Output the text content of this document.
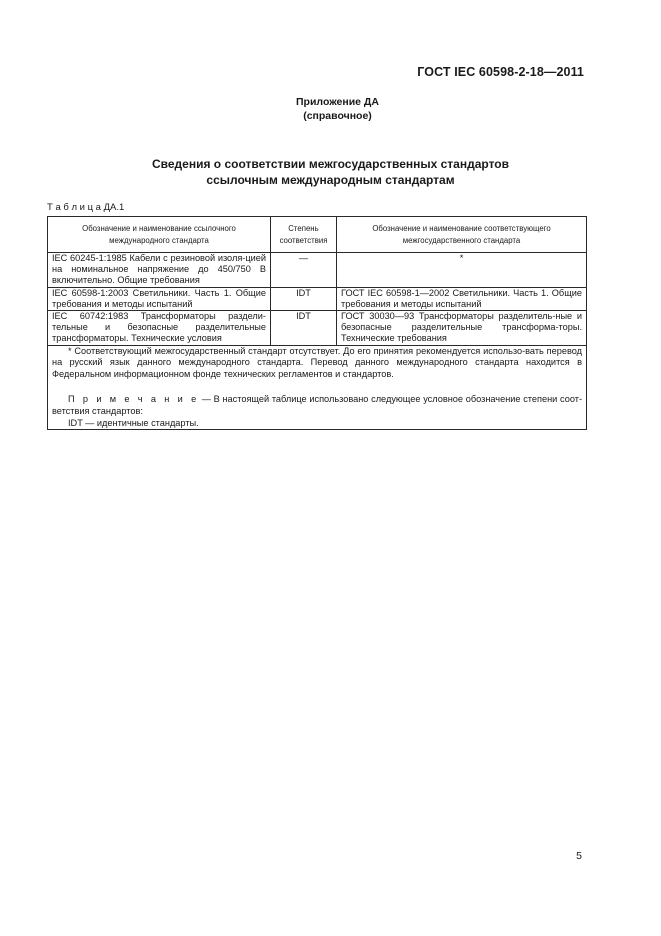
ГОСТ IEC 60598-2-18—2011
Приложение ДА
(справочное)
Сведения о соответствии межгосударственных стандартов
ссылочным международным стандартам
Т а б л и ц а ДА.1
Обозначение и наименование ссылочного международного стандарта	Степень соответствия	Обозначение и наименование соответствующего межгосударственного стандарта
IEC 60245-1:1985 Кабели с резиновой изоля-цией на номинальное напряжение до 450/750 В включительно. Общие требования	—	*
IEC 60598-1:2003 Светильники. Часть 1. Общие требования и методы испытаний	IDT	ГОСТ IEC 60598-1—2002 Светильники. Часть 1. Общие требования и методы испытаний
IEC 60742:1983 Трансформаторы раздели-тельные и безопасные разделительные трансформаторы. Технические условия	IDT	ГОСТ 30030—93 Трансформаторы разделитель-ные и безопасные разделительные трансформа-торы. Технические требования

* Соответствующий межгосударственный стандарт отсутствует. До его принятия рекомендуется использо-вать перевод на русский язык данного международного стандарта. Перевод данного международного стандарта находится в Федеральном информационном фонде технических регламентов и стандартов.

П р и м е ч а н и е — В настоящей таблице использовано следующее условное обозначение степени соот-ветствия стандартов:

IDT — идентичные стандарты.		

5
